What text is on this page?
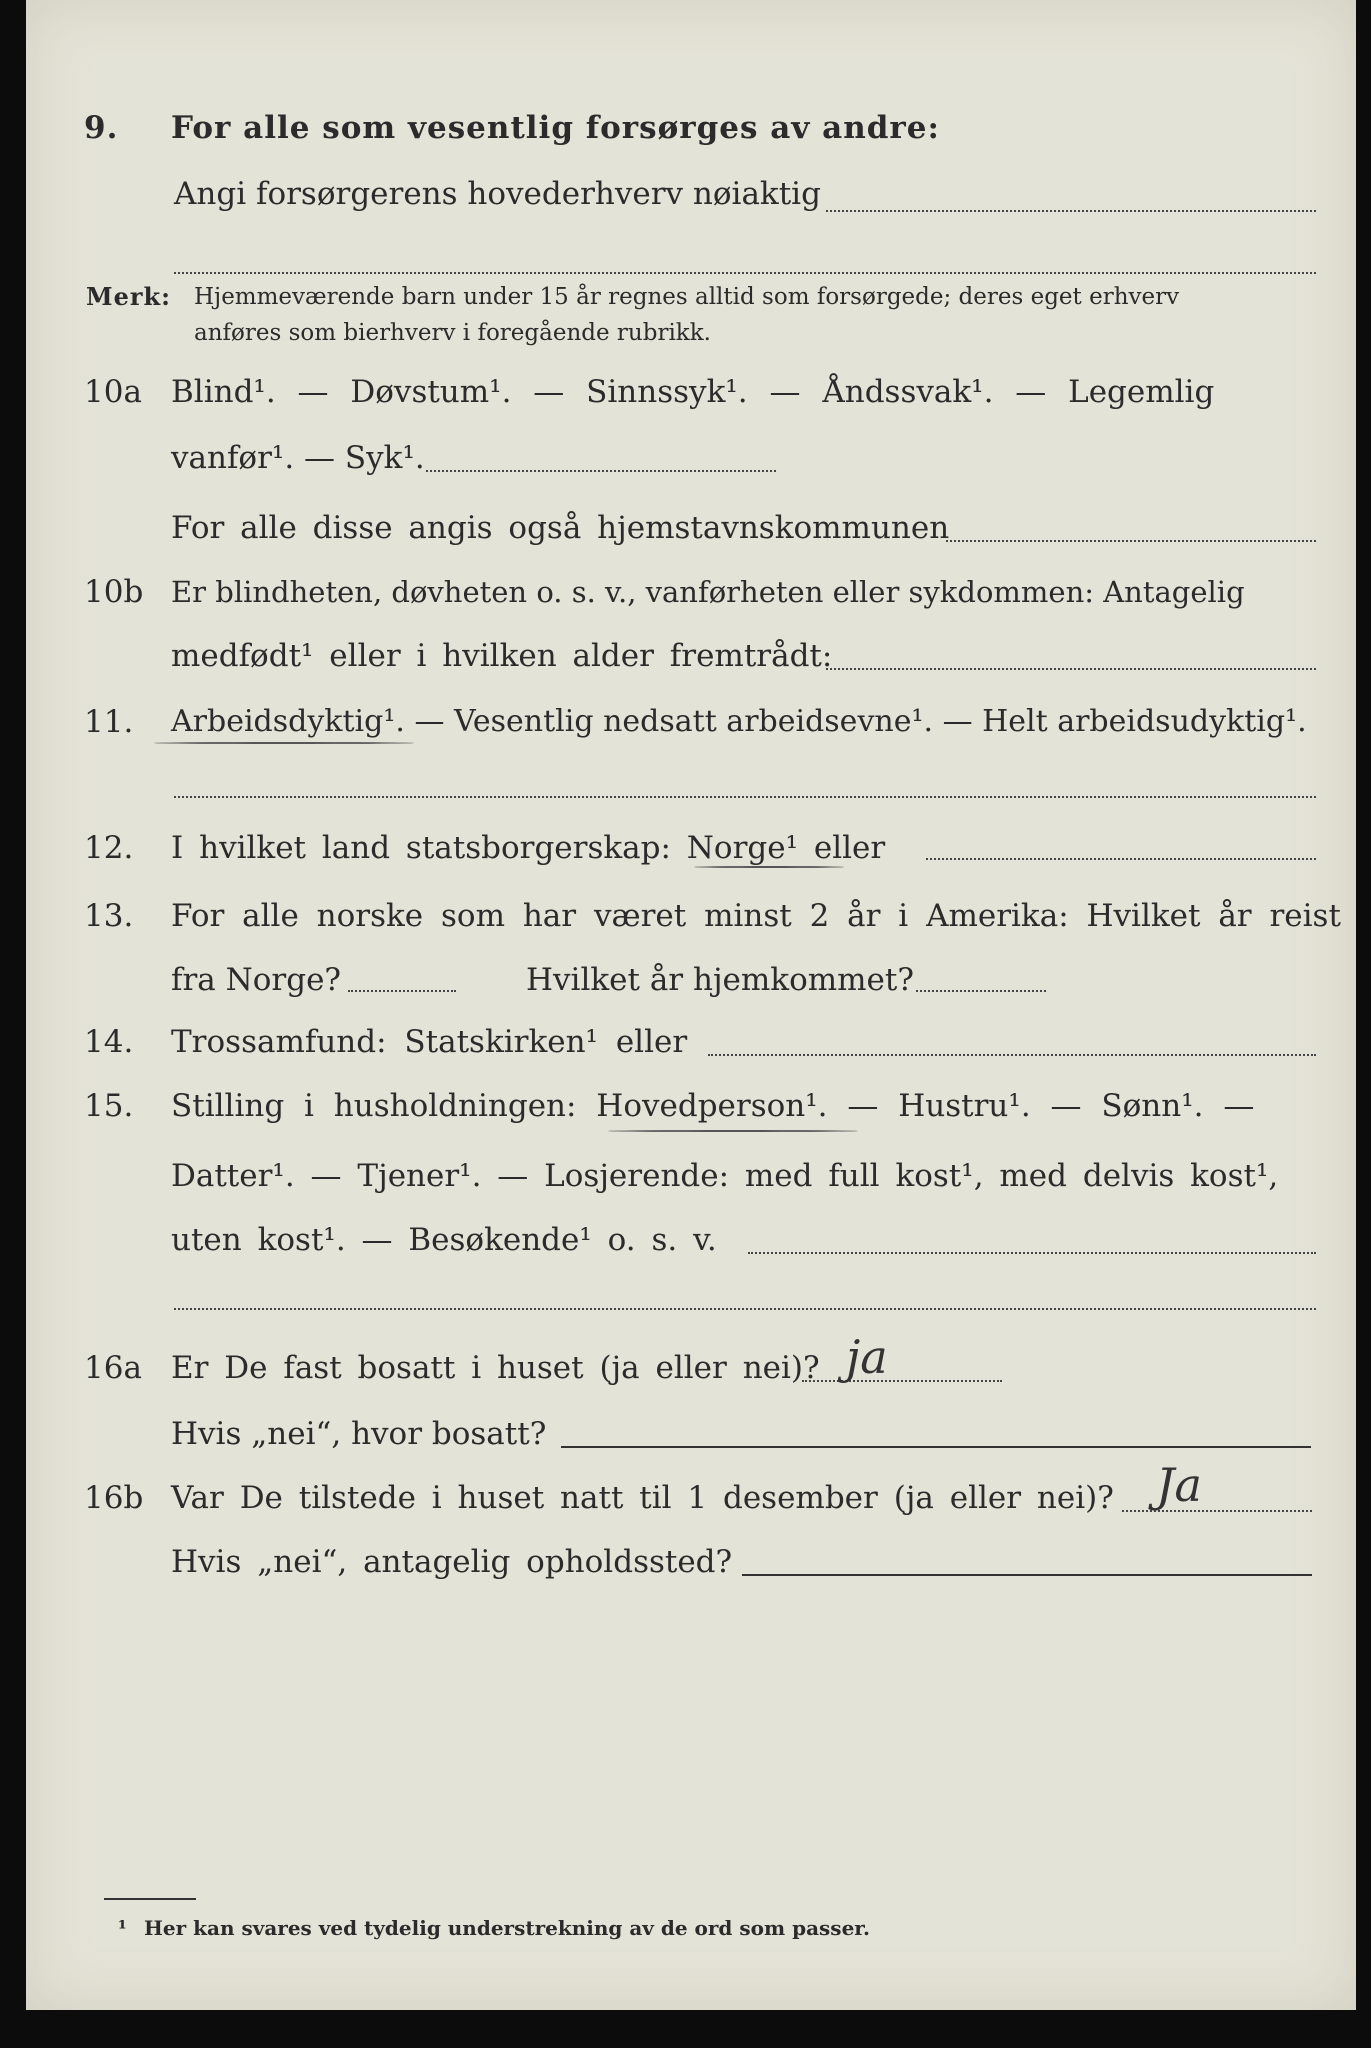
9. For alle som vesentlig forsørges av andre:
Angi forsørgerens hovederhverv nøiaktig
Merk: Hjemmeværende barn under 15 år regnes alltid som forsørgede; deres eget erhverv
anføres som bierhverv i foregående rubrikk.
10a Blind¹. — Døvstum¹. — Sinnssyk¹. — Åndssvak¹. — Legemlig
vanfør¹. — Syk¹.
For alle disse angis også hjemstavnskommunen
10b Er blindheten, døvheten o. s. v., vanførheten eller sykdommen: Antagelig
medfødt¹ eller i hvilken alder fremtrådt:
11. Arbeidsdyktig¹. — Vesentlig nedsatt arbeidsevne¹. — Helt arbeidsudyktig¹.
12. I hvilket land statsborgerskap: Norge¹ eller
13. For alle norske som har været minst 2 år i Amerika: Hvilket år reist
fra Norge?	Hvilket år hjemkommet?
14. Trossamfund: Statskirken¹ eller
15. Stilling i husholdningen: Hovedperson¹. — Hustru¹. — Sønn¹. —
Datter¹. — Tjener¹. — Losjerende: med full kost¹, med delvis kost¹,
uten kost¹. — Besøkende¹ o. s. v.
16a Er De fast bosatt i huset (ja eller nei)? ja
Hvis „nei“, hvor bosatt?
16b Var De tilstede i huset natt til 1 desember (ja eller nei)? Ja
Hvis „nei“, antagelig opholdssted?
¹ Her kan svares ved tydelig understrekning av de ord som passer.
